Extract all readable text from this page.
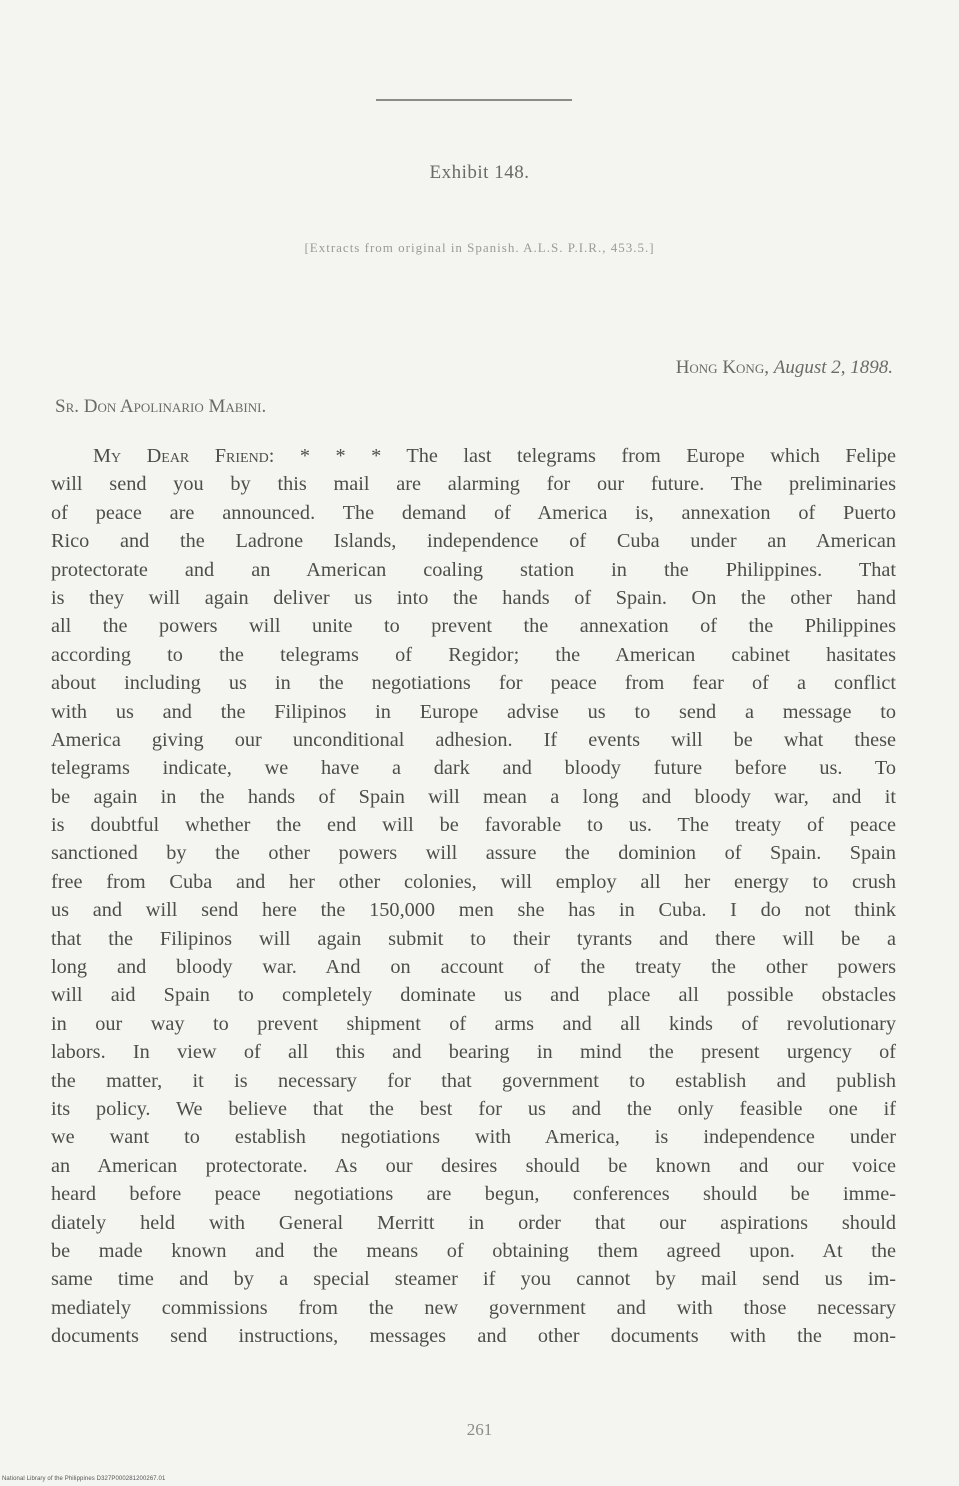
Exhibit 148.
[Extracts from original in Spanish. A.L.S. P.I.R., 453.5.]
Hong Kong, August 2, 1898.
Sr. Don Apolinario Mabini.
My Dear Friend: * * * The last telegrams from Europe which Felipe
will send you by this mail are alarming for our future. The preliminaries
of peace are announced. The demand of America is, annexation of Puerto
Rico and the Ladrone Islands, independence of Cuba under an American
protectorate and an American coaling station in the Philippines. That
is they will again deliver us into the hands of Spain. On the other hand
all the powers will unite to prevent the annexation of the Philippines
according to the telegrams of Regidor; the American cabinet hasitates
about including us in the negotiations for peace from fear of a conflict
with us and the Filipinos in Europe advise us to send a message to
America giving our unconditional adhesion. If events will be what these
telegrams indicate, we have a dark and bloody future before us. To
be again in the hands of Spain will mean a long and bloody war, and it
is doubtful whether the end will be favorable to us. The treaty of peace
sanctioned by the other powers will assure the dominion of Spain. Spain
free from Cuba and her other colonies, will employ all her energy to crush
us and will send here the 150,000 men she has in Cuba. I do not think
that the Filipinos will again submit to their tyrants and there will be a
long and bloody war. And on account of the treaty the other powers
will aid Spain to completely dominate us and place all possible obstacles
in our way to prevent shipment of arms and all kinds of revolutionary
labors. In view of all this and bearing in mind the present urgency of
the matter, it is necessary for that government to establish and publish
its policy. We believe that the best for us and the only feasible one if
we want to establish negotiations with America, is independence under
an American protectorate. As our desires should be known and our voice
heard before peace negotiations are begun, conferences should be imme-
diately held with General Merritt in order that our aspirations should
be made known and the means of obtaining them agreed upon. At the
same time and by a special steamer if you cannot by mail send us im-
mediately commissions from the new government and with those necessary
documents send instructions, messages and other documents with the mon-
261
National Library of the Philippines D327P000281200267.01
